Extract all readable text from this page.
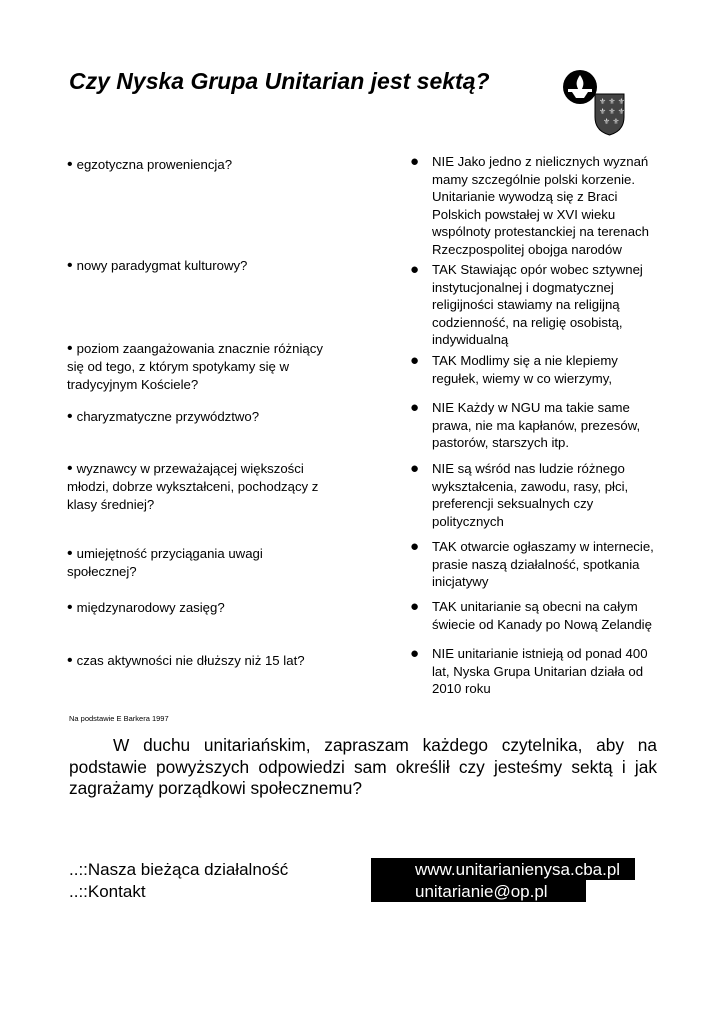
Czy Nyska Grupa Unitarian jest sektą?
⚜ ⚜ ⚜
⚜ ⚜ ⚜
⚜ ⚜
• egzotyczna proweniencja?
• nowy paradygmat kulturowy?
• poziom zaangażowania znacznie różniący się od tego, z którym spotykamy się w tradycyjnym Kościele?
• charyzmatyczne przywództwo?
• wyznawcy w przeważającej większości młodzi, dobrze wykształceni, pochodzący z klasy średniej?
• umiejętność przyciągania uwagi społecznej?
• międzynarodowy zasięg?
• czas aktywności nie dłuższy niż 15 lat?
● NIE Jako jedno z nielicznych wyznań mamy szczególnie polski korzenie. Unitarianie wywodzą się z Braci Polskich powstałej w XVI wieku wspólnoty protestanckiej na terenach Rzeczpospolitej obojga narodów
● TAK Stawiając opór wobec sztywnej instytucjonalnej i dogmatycznej religijności stawiamy na religijną codzienność, na religię osobistą, indywidualną
● TAK Modlimy się a nie klepiemy regułek, wiemy w co wierzymy,
● NIE Każdy w NGU ma takie same prawa, nie ma kapłanów, prezesów, pastorów, starszych itp.
● NIE są wśród nas ludzie różnego wykształcenia, zawodu, rasy, płci, preferencji seksualnych czy politycznych
● TAK otwarcie ogłaszamy w internecie, prasie naszą działalność, spotkania inicjatywy
● TAK unitarianie są obecni na całym świecie od Kanady po Nową Zelandię
● NIE unitarianie istnieją od ponad 400 lat, Nyska Grupa Unitarian działa od 2010 roku
Na podstawie E Barkera 1997

W duchu unitariańskim, zapraszam każdego czytelnika, aby na podstawie powyższych odpowiedzi sam określił czy jesteśmy sektą i jak zagrażamy porządkowi społecznemu?

..::Nasza bieżąca działalność
..::Kontakt
www.unitarianienysa.cba.pl
unitarianie@op.pl
